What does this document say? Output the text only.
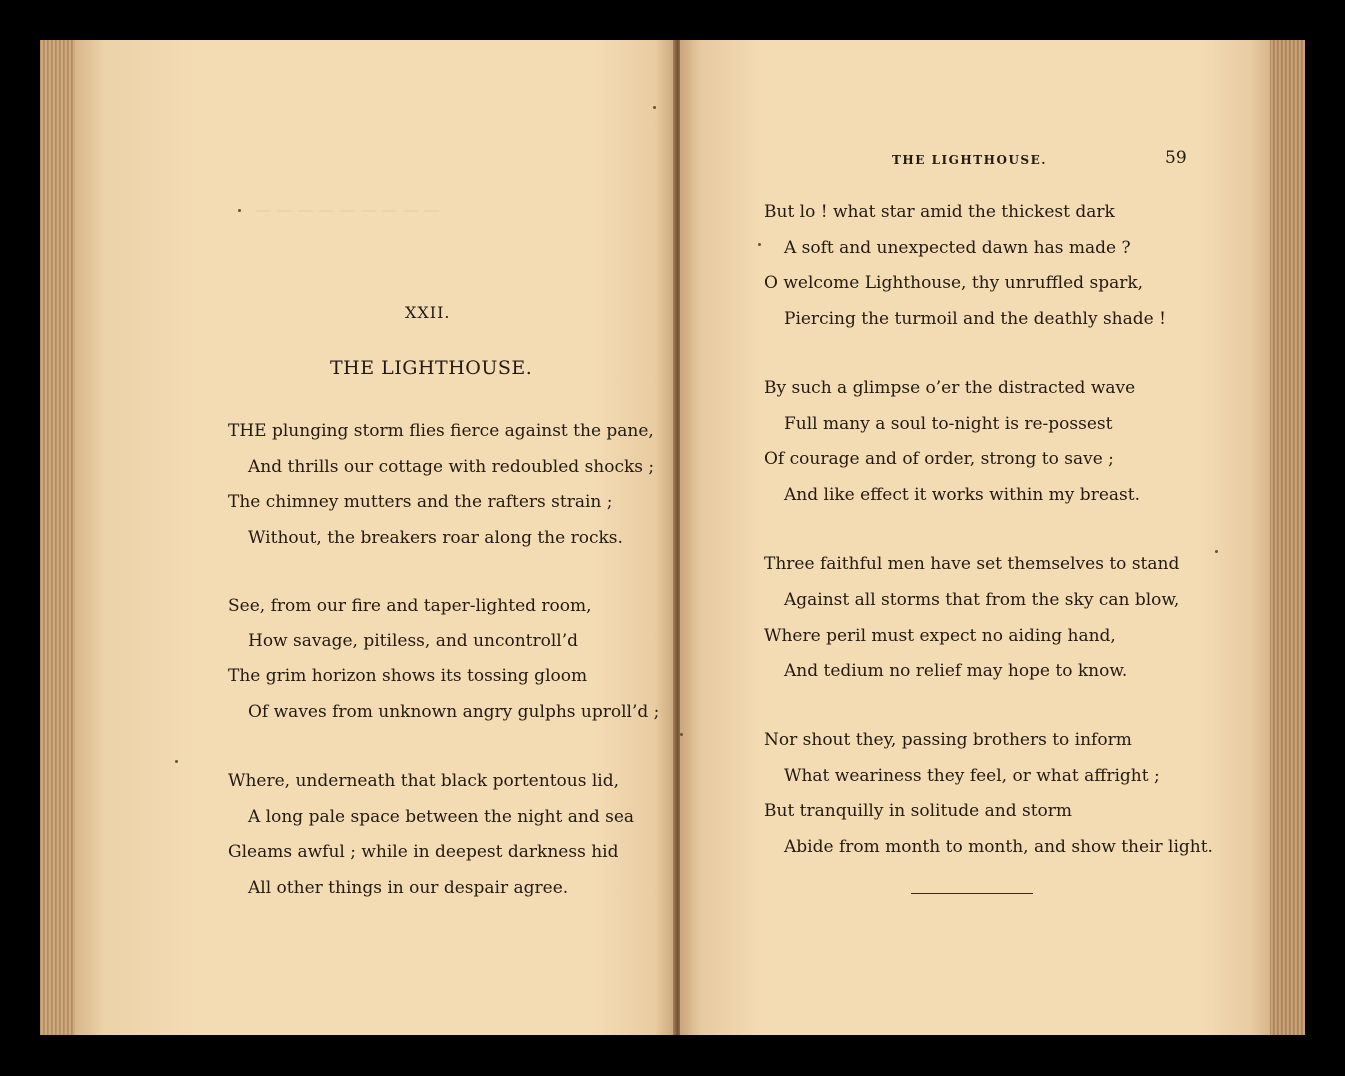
— — — — — — — — —
XXII.
THE LIGHTHOUSE.
THE plunging storm flies fierce against the pane,
And thrills our cottage with redoubled shocks ;
The chimney mutters and the rafters strain ;
Without, the breakers roar along the rocks.
See, from our fire and taper-lighted room,
How savage, pitiless, and uncontroll’d
The grim horizon shows its tossing gloom
Of waves from unknown angry gulphs uproll’d ;
Where, underneath that black portentous lid,
A long pale space between the night and sea
Gleams awful ; while in deepest darkness hid
All other things in our despair agree.
THE LIGHTHOUSE.	59
But lo ! what star amid the thickest dark
A soft and unexpected dawn has made ?
O welcome Lighthouse, thy unruffled spark,
Piercing the turmoil and the deathly shade !
By such a glimpse o’er the distracted wave
Full many a soul to-night is re-possest
Of courage and of order, strong to save ;
And like effect it works within my breast.
Three faithful men have set themselves to stand
Against all storms that from the sky can blow,
Where peril must expect no aiding hand,
And tedium no relief may hope to know.
Nor shout they, passing brothers to inform
What weariness they feel, or what affright ;
But tranquilly in solitude and storm
Abide from month to month, and show their light.
